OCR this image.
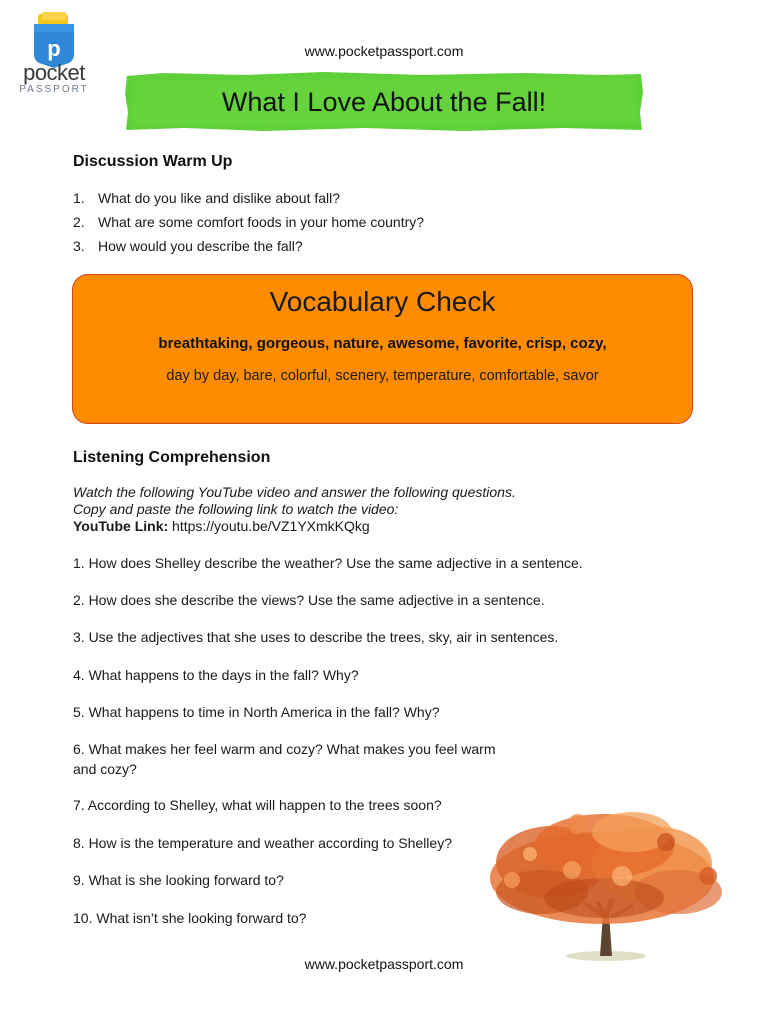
p
pocket
PASSPORT
www.pocketpassport.com
What I Love About the Fall!
Discussion Warm Up
1. What do you like and dislike about fall?
2. What are some comfort foods in your home country?
3. How would you describe the fall?
Vocabulary Check
breathtaking, gorgeous, nature, awesome, favorite, crisp, cozy,
day by day, bare, colorful, scenery, temperature, comfortable, savor
Listening Comprehension
Watch the following YouTube video and answer the following questions.
Copy and paste the following link to watch the video:
YouTube Link: https://youtu.be/VZ1YXmkKQkg
1. How does Shelley describe the weather? Use the same adjective in a sentence.
2. How does she describe the views? Use the same adjective in a sentence.
3. Use the adjectives that she uses to describe the trees, sky, air in sentences.
4. What happens to the days in the fall? Why?
5. What happens to time in North America in the fall? Why?
6. What makes her feel warm and cozy? What makes you feel warm
and cozy?
7. According to Shelley, what will happen to the trees soon?
8. How is the temperature and weather according to Shelley?
9. What is she looking forward to?
10. What isn’t she looking forward to?
www.pocketpassport.com
